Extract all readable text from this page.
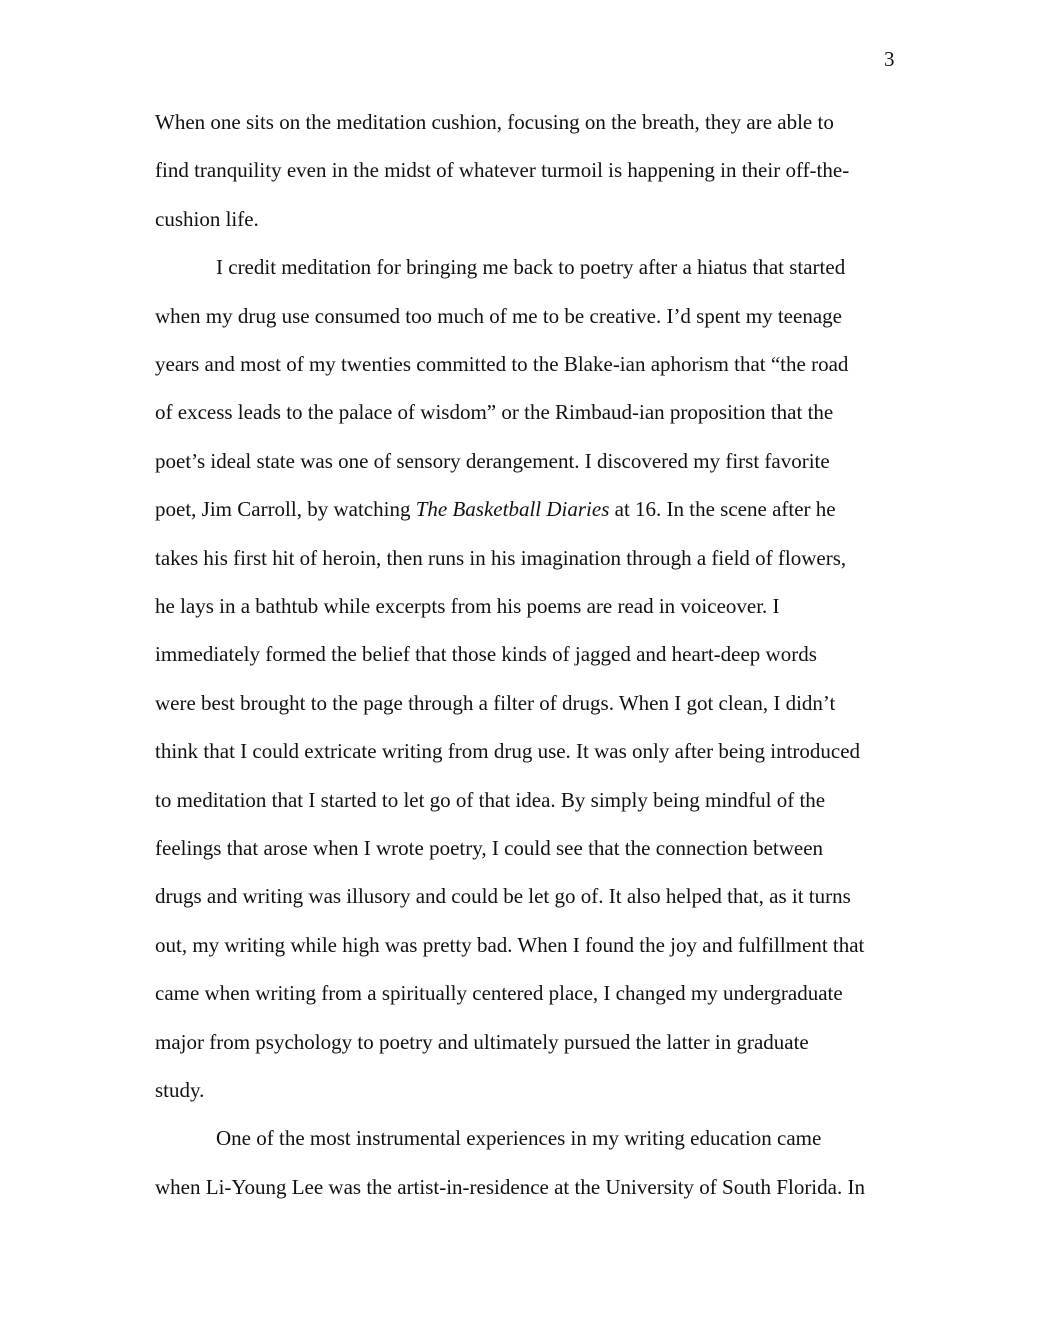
3
When one sits on the meditation cushion, focusing on the breath, they are able to
find tranquility even in the midst of whatever turmoil is happening in their off-the-
cushion life.
I credit meditation for bringing me back to poetry after a hiatus that started
when my drug use consumed too much of me to be creative. I’d spent my teenage
years and most of my twenties committed to the Blake-ian aphorism that “the road
of excess leads to the palace of wisdom” or the Rimbaud-ian proposition that the
poet’s ideal state was one of sensory derangement. I discovered my first favorite
poet, Jim Carroll, by watching The Basketball Diaries at 16. In the scene after he
takes his first hit of heroin, then runs in his imagination through a field of flowers,
he lays in a bathtub while excerpts from his poems are read in voiceover. I
immediately formed the belief that those kinds of jagged and heart-deep words
were best brought to the page through a filter of drugs. When I got clean, I didn’t
think that I could extricate writing from drug use. It was only after being introduced
to meditation that I started to let go of that idea. By simply being mindful of the
feelings that arose when I wrote poetry, I could see that the connection between
drugs and writing was illusory and could be let go of. It also helped that, as it turns
out, my writing while high was pretty bad. When I found the joy and fulfillment that
came when writing from a spiritually centered place, I changed my undergraduate
major from psychology to poetry and ultimately pursued the latter in graduate
study.
One of the most instrumental experiences in my writing education came
when Li-Young Lee was the artist-in-residence at the University of South Florida. In
